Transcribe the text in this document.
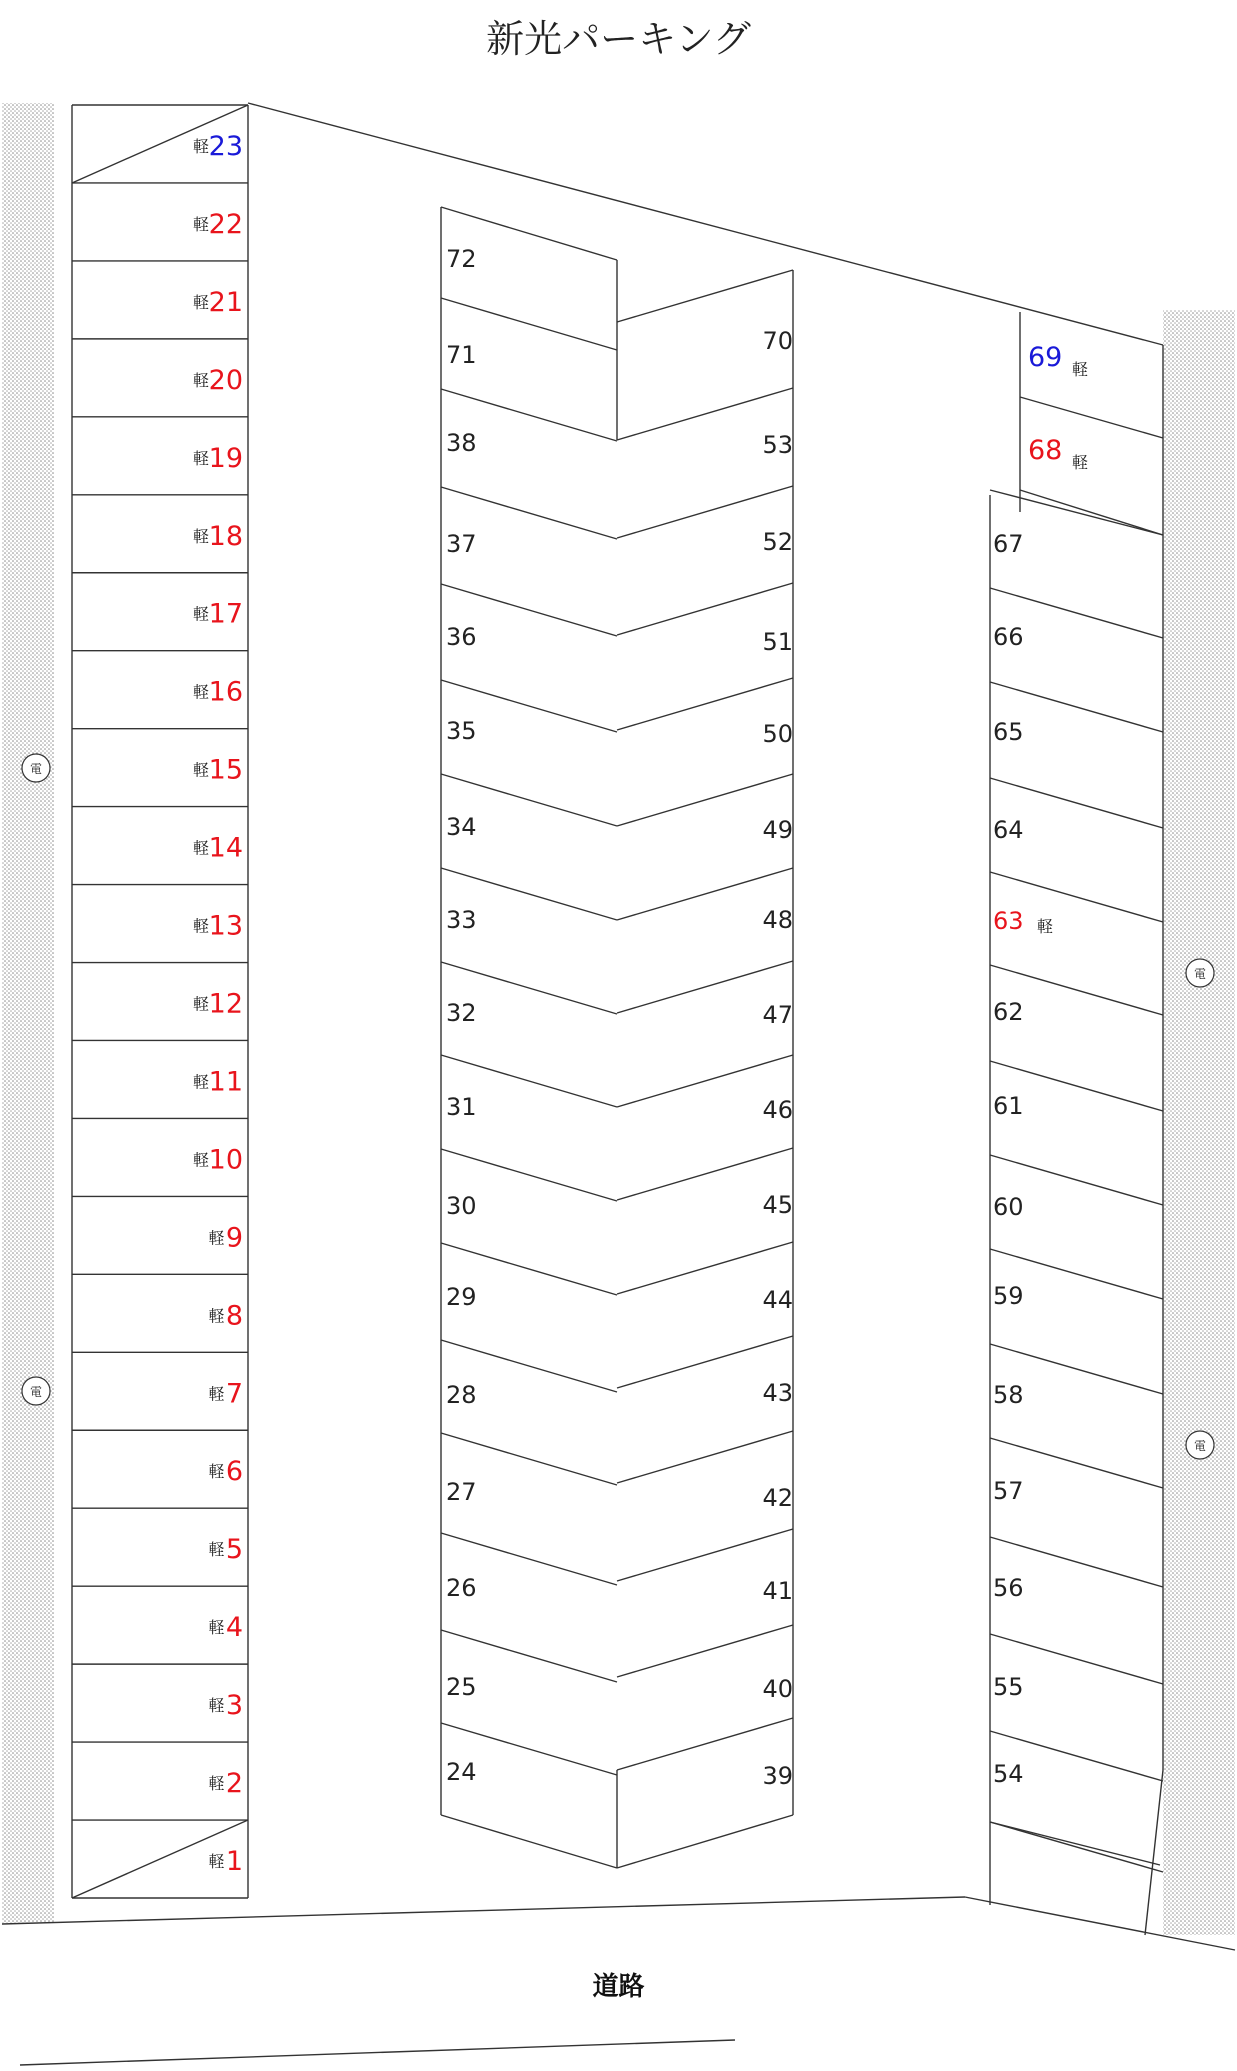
新光パーキング
1
軽
2
軽
3
軽
4
軽
5
軽
6
軽
7
軽
8
軽
9
軽
10
軽
11
軽
12
軽
13
軽
14
軽
15
軽
16
軽
17
軽
18
軽
19
軽
20
軽
21
軽
22
軽
23
軽
72
71
38
37
36
35
34
33
32
31
30
29
28
27
26
25
24
70
53
52
51
50
49
48
47
46
45
44
43
42
41
40
39
69 軽
68 軽
67
66
65
64
63 軽
62
61
60
59
58
57
56
55
54
電
電
電
電
道路
